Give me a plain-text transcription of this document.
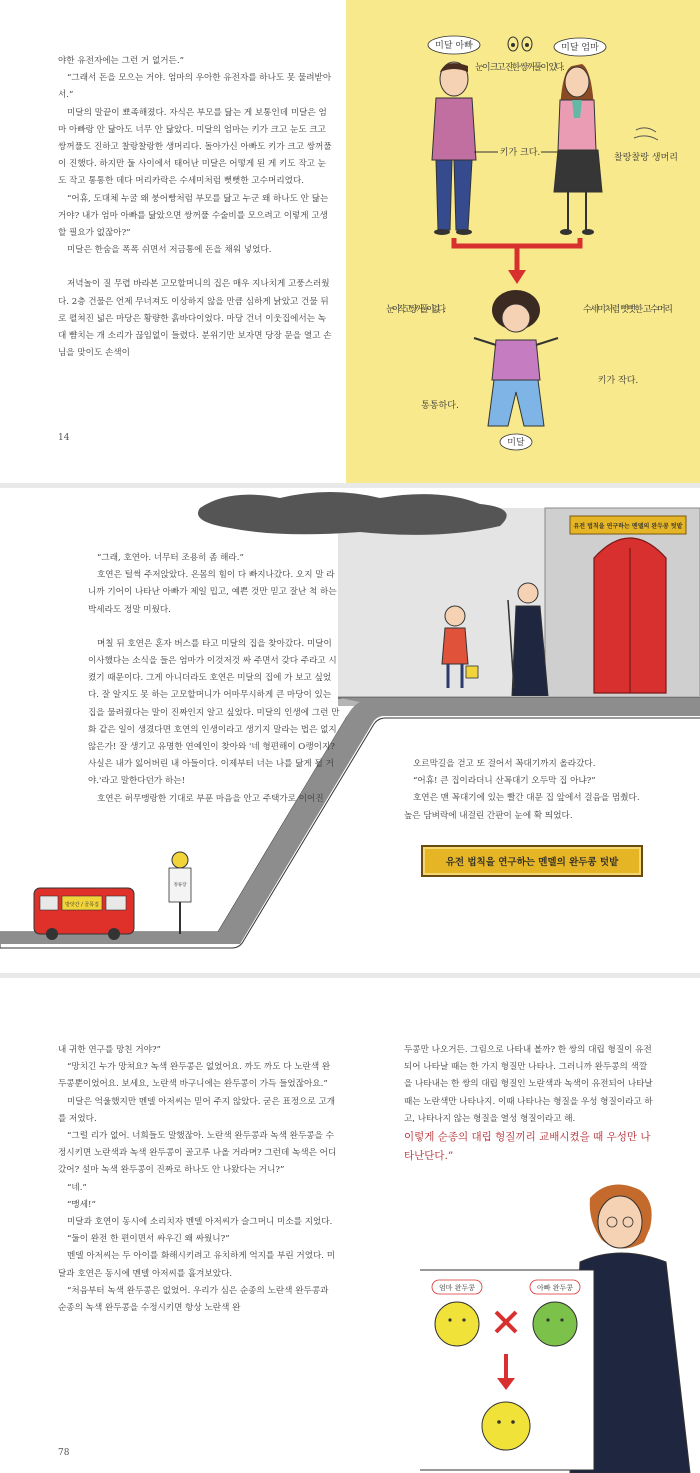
야한 유전자에는 그런 거 없거든.”

“그래서 돈을 모으는 거야. 엄마의 우아한 유전자를 하나도 못 물려받아서.”

미달의 말끝이 뾰족해졌다. 자식은 부모를 닮는 게 보통인데 미달은 엄마 아빠랑 안 닮아도 너무 안 닮았다. 미달의 엄마는 키가 크고 눈도 크고 쌍꺼풀도 진하고 찰랑찰랑한 생머리다. 돌아가신 아빠도 키가 크고 쌍꺼풀이 진했다. 하지만 둘 사이에서 태어난 미달은 어떻게 된 게 키도 작고 눈도 작고 통통한 데다 머리카락은 수세미처럼 뻣뻣한 고수머리였다.

“어휴, 도대체 누굴 왜 붕어빵처럼 부모를 닮고 누군 왜 하나도 안 닮는 거야? 내가 엄마 아빠를 닮았으면 쌍꺼풀 수술비를 모으려고 이렇게 고생할 필요가 없잖아?”

미달은 한숨을 폭폭 쉬면서 저금통에 돈을 채워 넣었다.

저녁놀이 질 무렵 바라본 고모할머니의 집은 매우 지나치게 고풍스러웠다. 2층 건물은 언제 무너져도 이상하지 않을 만큼 심하게 낡았고 건물 뒤로 펼쳐진 넓은 마당은 황량한 흙바다이었다. 마당 건너 이웃집에서는 녹대 뺨치는 개 소리가 끊임없이 들렸다. 분위기만 보자면 당장 문을 열고 손님을 맞이도 손색이

14
미달 아빠	미달 엄마
눈이 크고 진한 쌍꺼풀이 있다.
키가 크다.	찰랑찰랑 생머리
눈이 작고 쌍꺼풀이 없다.	수세미처럼 뻣뻣한 고수머리
키가 작다.
통통하다.
미달
유전 법칙을 연구하는 멘델의 완두콩 텃밭
방앗간 / 골목집
정류장

“그래, 호연아. 너무터 조용히 좀 해라.”

호연은 털썩 주저앉았다. 온몸의 힘이 다 빠지나갔다. 오지 말 라니까 기어이 나타난 아빠가 제일 밉고, 예쁜 것만 믿고 잘난 척 하는 박세라도 정말 미웠다.

며칠 뒤 호연은 혼자 버스를 타고 미달의 집을 찾아갔다. 미달이 이사했다는 소식을 들은 엄마가 이것저것 싸 주면서 갖다 주라고 시켰기 때문이다. 그게 아니더라도 호연은 미달의 집에 가 보고 싶었다. 잘 알지도 못 하는 고모할머니가 어마무시하게 큰 마당이 있는 집을 물려줬다는 말이 진짜인지 알고 싶었다. 미달의 인생에 그런 만화 같은 일이 생겼다면 호연의 인생이라고 생기지 말라는 법은 없지 않은가! 잘 생기고 유명한 연예인이 찾아와 '네 형편해이 O랭이지? 사실은 내가 잃어버린 내 아들이다. 이제부터 너는 나를 닮게 될 거야.'라고 말한다던가 하는!

호연은 허무맹랑한 기대로 부푼 마음을 안고 주택가로 이어진

오르막길을 걷고 또 걸어서 꼭대기까지 올라갔다.

“어휴! 큰 집이라더니 산꼭대기 오두막 집 아냐?”

호연은 맨 꼭대기에 있는 빨간 대문 집 앞에서 걸음을 멈췄다. 높은 담벼락에 내걸린 간판이 눈에 확 띄었다.

유전 법칙을 연구하는 멘델의 완두콩 텃밭

내 귀한 연구를 망친 거야?”

“망치긴 누가 망쳐요? 녹색 완두콩은 없었어요. 까도 까도 다 노란색 완두콩뿐이었어요. 보세요, 노란색 바구니에는 완두콩이 가득 들었잖아요.”

미달은 억울했지만 멘델 아저씨는 믿어 주지 않았다. 굳은 표정으로 고개를 저었다.

“그럴 리가 없어. 너희들도 말했잖아. 노란색 완두콩과 녹색 완두콩을 수정시키면 노란색과 녹색 완두콩이 골고루 나올 거라며? 그런데 녹색은 어디 갔어? 설마 녹색 완두콩이 진짜로 하나도 안 나왔다는 거니?”

“네.”

“맹세!”

미달과 호연이 동시에 소리치자 멘델 아저씨가 슬그머니 미소를 지었다.

“둘이 완전 한 편이면서 싸우긴 왜 싸웠니?”

멘델 아저씨는 두 아이를 화해시키려고 유치하게 억지를 부린 거였다. 미달과 호연은 동시에 멘델 아저씨를 흘겨보았다.

“처음부터 녹색 완두콩은 없었어. 우리가 심은 순종의 노란색 완두콩과 순종의 녹색 완두콩을 수정시키면 항상 노란색 완

78

두콩만 나오거든. 그림으로 나타내 볼까? 한 쌍의 대립 형질이 유전되어 나타날 때는 한 가지 형질만 나타나. 그러니까 완두콩의 색깔을 나타내는 한 쌍의 대립 형질인 노란색과 녹색이 유전되어 나타날 때는 노란색만 나타나지. 이때 나타나는 형질을 우성 형질이라고 하고, 나타나지 않는 형질을 열성 형질이라고 해.

이렇게 순종의 대립 형질끼리 교배시켰을 때 우성만 나타난단다.”

엄마 완두콩	아빠 완두콩
